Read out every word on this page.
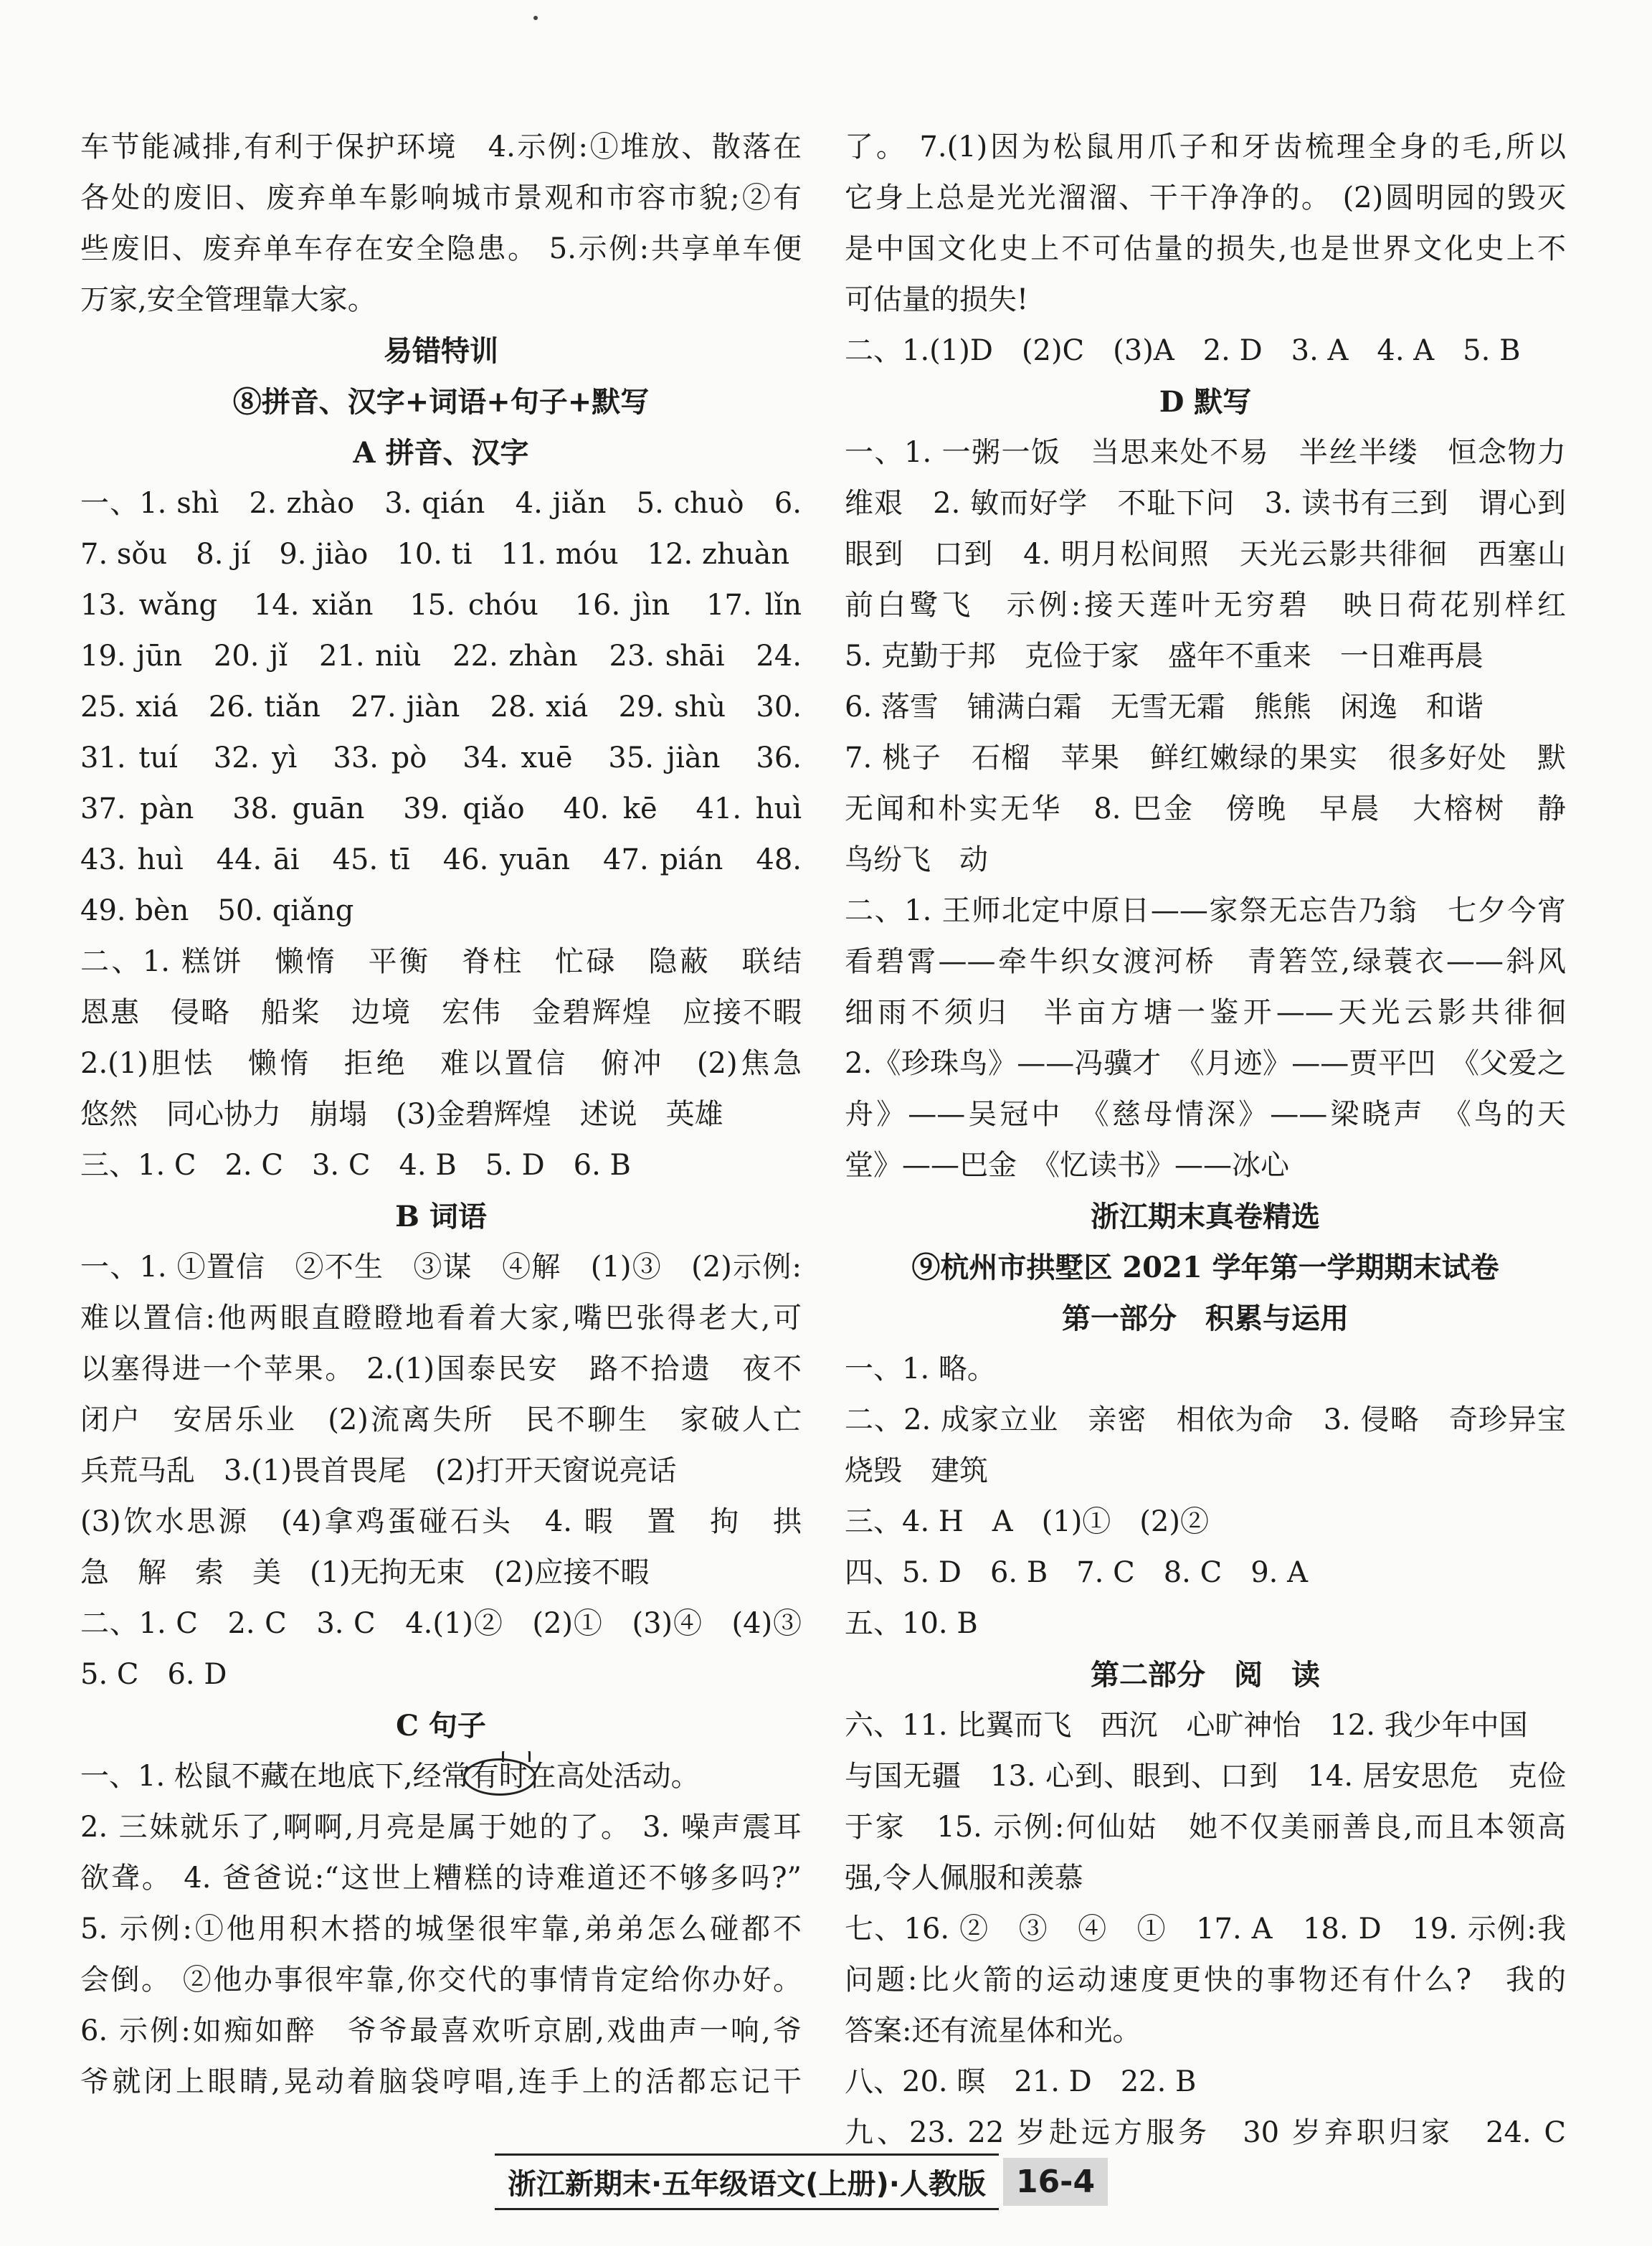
车节能减排,有利于保护环境　4.示例:①堆放、散落在
各处的废旧、废弃单车影响城市景观和市容市貌;②有
些废旧、废弃单车存在安全隐患。 5.示例:共享单车便
万家,安全管理靠大家。
易错特训
⑧拼音、汉字+词语+句子+默写
A 拼音、汉字
一、1. shì　2. zhào　3. qián　4. jiǎn　5. chuò　6.
7. sǒu　8. jí　9. jiào　10. ti　11. móu　12. zhuàn
13. wǎng　14. xiǎn　15. chóu　16. jìn　17. lǐn　
19. jūn　20. jǐ　21. niù　22. zhàn　23. shāi　24.
25. xiá　26. tiǎn　27. jiàn　28. xiá　29. shù　30.
31. tuí　32. yì　33. pò　34. xuē　35. jiàn　36.
37. pàn　38. guān　39. qiǎo　40. kē　41. huì　
43. huì　44. āi　45. tī　46. yuān　47. pián　48.
49. bèn　50. qiǎng
二、1. 糕饼　懒惰　平衡　脊柱　忙碌　隐蔽　联结
恩惠　侵略　船桨　边境　宏伟　金碧辉煌　应接不暇
2.(1)胆怯　懒惰　拒绝　难以置信　俯冲　(2)焦急
悠然　同心协力　崩塌　(3)金碧辉煌　述说　英雄
三、1. C　2. C　3. C　4. B　5. D　6. B
B 词语
一、1. ①置信　②不生　③谋　④解　(1)③　(2)示例:
难以置信:他两眼直瞪瞪地看着大家,嘴巴张得老大,可
以塞得进一个苹果。 2.(1)国泰民安　路不拾遗　夜不
闭户　安居乐业　(2)流离失所　民不聊生　家破人亡
兵荒马乱　3.(1)畏首畏尾　(2)打开天窗说亮话
(3)饮水思源　(4)拿鸡蛋碰石头　4. 暇　置　拘　拱
急　解　索　美　(1)无拘无束　(2)应接不暇
二、1. C　2. C　3. C　4.(1)②　(2)①　(3)④　(4)③
5. C　6. D
C 句子
一、1. 松鼠不藏在地底下,经常
有时在高处活动。
2. 三妹就乐了,啊啊,月亮是属于她的了。 3. 噪声震耳
欲聋。 4. 爸爸说:“这世上糟糕的诗难道还不够多吗?”
5. 示例:①他用积木搭的城堡很牢靠,弟弟怎么碰都不
会倒。 ②他办事很牢靠,你交代的事情肯定给你办好。
6. 示例:如痴如醉　爷爷最喜欢听京剧,戏曲声一响,爷
爷就闭上眼睛,晃动着脑袋哼唱,连手上的活都忘记干
了。 7.(1)因为松鼠用爪子和牙齿梳理全身的毛,所以
它身上总是光光溜溜、干干净净的。 (2)圆明园的毁灭
是中国文化史上不可估量的损失,也是世界文化史上不
可估量的损失!
二、1.(1)D　(2)C　(3)A　2. D　3. A　4. A　5. B
D 默写
一、1. 一粥一饭　当思来处不易　半丝半缕　恒念物力
维艰　2. 敏而好学　不耻下问　3. 读书有三到　谓心到
眼到　口到　4. 明月松间照　天光云影共徘徊　西塞山
前白鹭飞　示例:接天莲叶无穷碧　映日荷花别样红
5. 克勤于邦　克俭于家　盛年不重来　一日难再晨
6. 落雪　铺满白霜　无雪无霜　熊熊　闲逸　和谐
7. 桃子　石榴　苹果　鲜红嫩绿的果实　很多好处　默
无闻和朴实无华　8. 巴金　傍晚　早晨　大榕树　静　
鸟纷飞　动
二、1. 王师北定中原日——家祭无忘告乃翁　七夕今宵
看碧霄——牵牛织女渡河桥　青箬笠,绿蓑衣——斜风
细雨不须归　半亩方塘一鉴开——天光云影共徘徊
2.《珍珠鸟》——冯骥才　《月迹》——贾平凹　《父爱之
舟》——吴冠中　《慈母情深》——梁晓声　《鸟的天
堂》——巴金　《忆读书》——冰心
浙江期末真卷精选
⑨杭州市拱墅区 2021 学年第一学期期末试卷
第一部分　积累与运用
一、1. 略。
二、2. 成家立业　亲密　相依为命　3. 侵略　奇珍异宝
烧毁　建筑
三、4. H　A　(1)①　(2)②
四、5. D　6. B　7. C　8. C　9. A
五、10. B
第二部分　阅　读
六、11. 比翼而飞　西沉　心旷神怡　12. 我少年中国
与国无疆　13. 心到、眼到、口到　14. 居安思危　克俭
于家　15. 示例:何仙姑　她不仅美丽善良,而且本领高
强,令人佩服和羡慕
七、16. ②　③　④　①　17. A　18. D　19. 示例:我
问题:比火箭的运动速度更快的事物还有什么?　我的
答案:还有流星体和光。
八、20. 暝　21. D　22. B
九、23. 22 岁赴远方服务　30 岁弃职归家　24. C　
浙江新期末·五年级语文(上册)·人教版 16-4
